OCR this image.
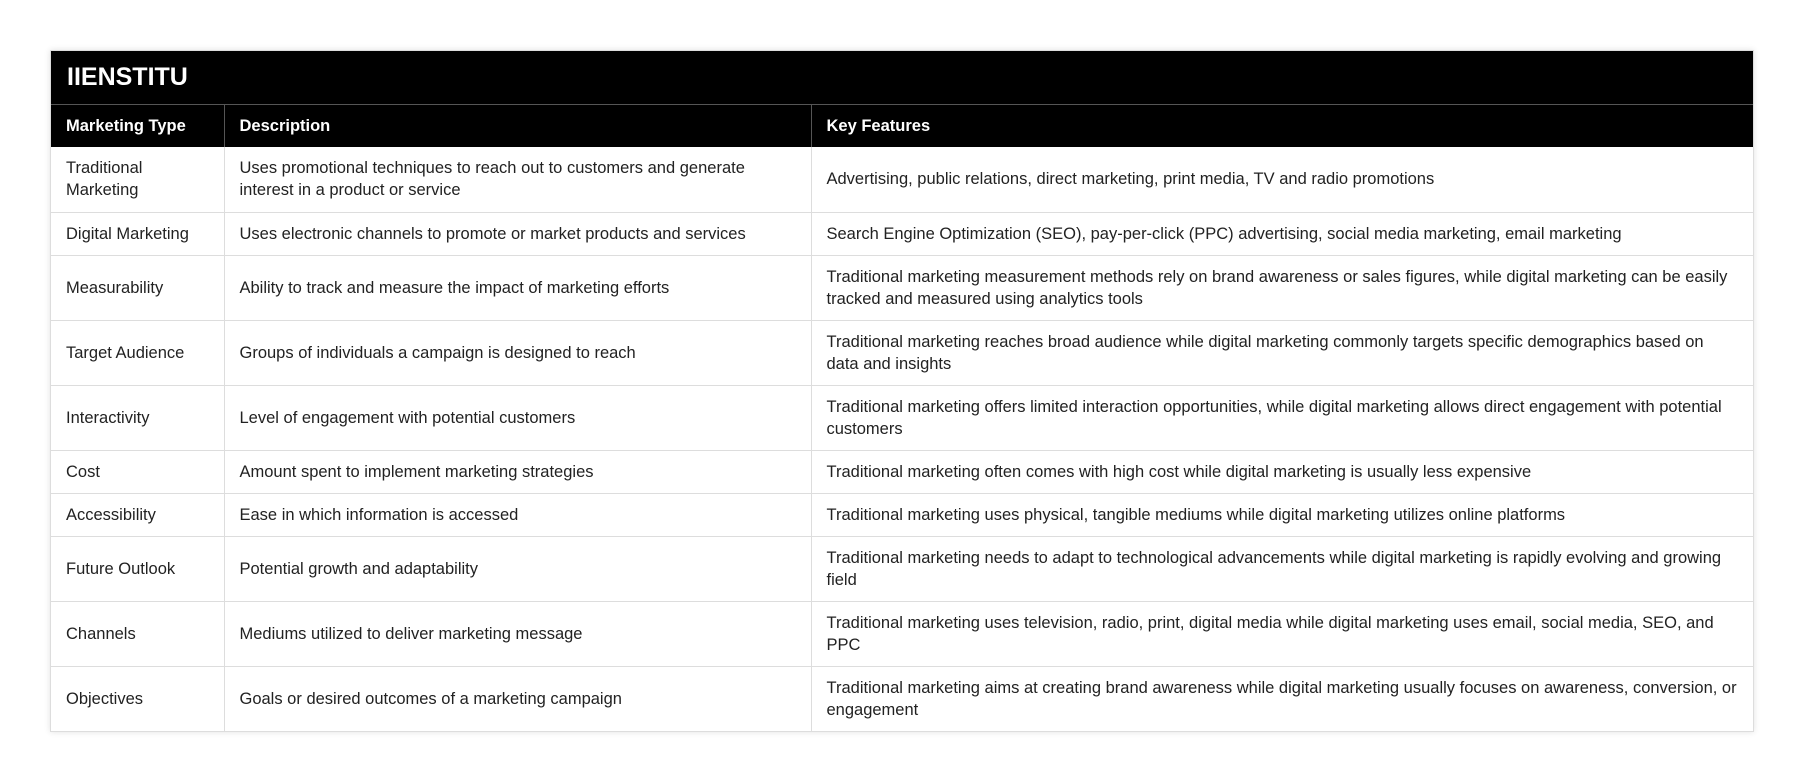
IIENSTITU
Marketing Type	Description	Key Features
Traditional Marketing	Uses promotional techniques to reach out to customers and generate interest in a product or service	Advertising, public relations, direct marketing, print media, TV and radio promotions
Digital Marketing	Uses electronic channels to promote or market products and services	Search Engine Optimization (SEO), pay-per-click (PPC) advertising, social media marketing, email marketing
Measurability	Ability to track and measure the impact of marketing efforts	Traditional marketing measurement methods rely on brand awareness or sales figures, while digital marketing can be easily tracked and measured using analytics tools
Target Audience	Groups of individuals a campaign is designed to reach	Traditional marketing reaches broad audience while digital marketing commonly targets specific demographics based on data and insights
Interactivity	Level of engagement with potential customers	Traditional marketing offers limited interaction opportunities, while digital marketing allows direct engagement with potential customers
Cost	Amount spent to implement marketing strategies	Traditional marketing often comes with high cost while digital marketing is usually less expensive
Accessibility	Ease in which information is accessed	Traditional marketing uses physical, tangible mediums while digital marketing utilizes online platforms
Future Outlook	Potential growth and adaptability	Traditional marketing needs to adapt to technological advancements while digital marketing is rapidly evolving and growing field
Channels	Mediums utilized to deliver marketing message	Traditional marketing uses television, radio, print, digital media while digital marketing uses email, social media, SEO, and PPC
Objectives	Goals or desired outcomes of a marketing campaign	Traditional marketing aims at creating brand awareness while digital marketing usually focuses on awareness, conversion, or engagement
